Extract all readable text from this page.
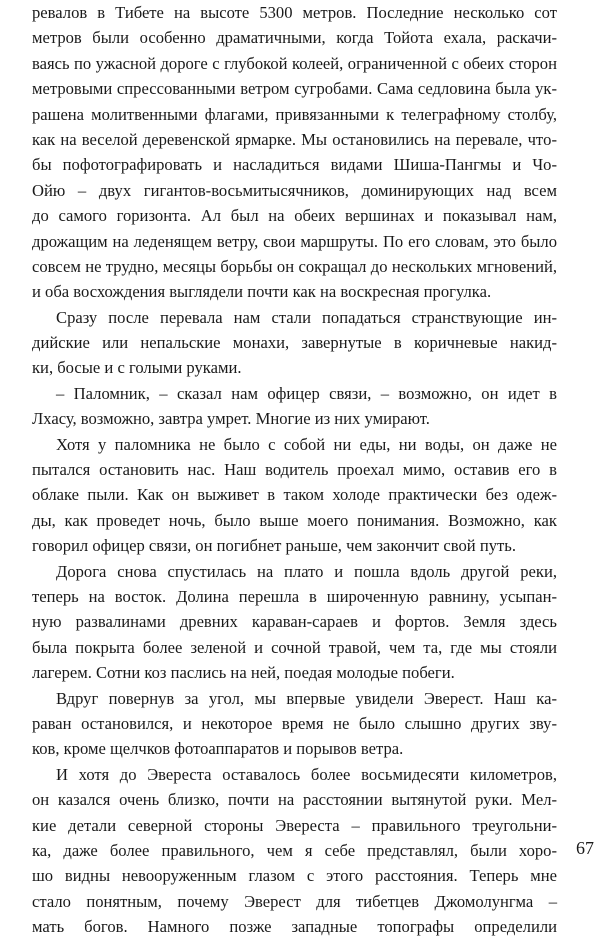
ревалов в Тибете на высоте 5300 метров. Последние несколько сот
метров были особенно драматичными, когда Тойота ехала, раскачи-
ваясь по ужасной дороге с глубокой колеей, ограниченной с обеих сторон
метровыми спрессованными ветром сугробами. Сама седловина была ук-
рашена молитвенными флагами, привязанными к телеграфному столбу,
как на веселой деревенской ярмарке. Мы остановились на перевале, чтo-
бы пофотографировать и насладиться видами Шиша-Пангмы и Чо-
Ойю – двух гигантов-восьмитысячников, доминирующих над всем
до самого горизонта. Ал был на обеих вершинах и показывал нам,
дрожащим на леденящем ветру, свои маршруты. По его словам, это было
совсем не трудно, месяцы борьбы он сокращал до нескольких мгновений,
и оба восхождения выглядели почти как на воскресная прогулка.
Сразу после перевала нам стали попадаться странствующие ин-
дийские или непальские монахи, завернутые в коричневые накид-
ки, босые и с голыми руками.
– Паломник, – сказал нам офицер связи, – возможно, он идет в
Лхасу, возможно, завтра умрет. Многие из них умирают.
Хотя у паломника не было с собой ни еды, ни воды, он даже не
пытался остановить нас. Наш водитель проехал мимо, оставив его в
облаке пыли. Как он выживет в таком холоде практически без одеж-
ды, как проведет ночь, было выше моего понимания. Возможно, как
говорил офицер связи, он погибнет раньше, чем закончит свой путь.
Дорога снова спустилась на плато и пошла вдоль другой реки,
теперь на восток. Долина перешла в широченную равнину, усыпан-
ную развалинами древних караван-сараев и фортов. Земля здесь
была покрыта более зеленой и сочной травой, чем та, где мы стояли
лагерем. Сотни коз паслись на ней, поедая молодые побеги.
Вдруг повернув за угол, мы впервые увидели Эверест. Наш ка-
раван остановился, и некоторое время не было слышно других зву-
ков, кроме щелчков фотоаппаратов и порывов ветра.
И хотя до Эвереста оставалось более восьмидесяти километров,
он казался очень близко, почти на расстоянии вытянутой руки. Мел-
кие детали северной стороны Эвереста – правильного треугольни-
ка, даже более правильного, чем я себе представлял, были хоро-
шо видны невооруженным глазом с этого расстояния. Теперь мне
стало понятным, почему Эверест для тибетцев Джомолунгма –
мать богов. Намного позже западные топографы определили
67
